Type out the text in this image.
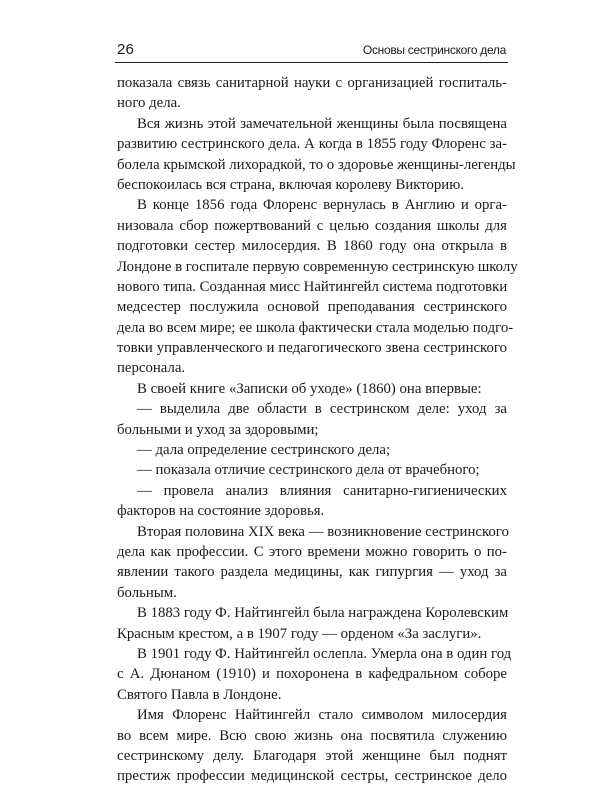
26	Основы сестринского дела
показала связь санитарной науки с организацией госпиталь-
ного дела.
Вся жизнь этой замечательной женщины была посвящена
развитию сестринского дела. А когда в 1855 году Флоренс за-
болела крымской лихорадкой, то о здоровье женщины-легенды
беспокоилась вся страна, включая королеву Викторию.
В конце 1856 года Флоренс вернулась в Англию и орга-
низовала сбор пожертвований с целью создания школы для
подготовки сестер милосердия. В 1860 году она открыла в
Лондоне в госпитале первую современную сестринскую школу
нового типа. Созданная мисс Найтингейл система подготовки
медсестер послужила основой преподавания сестринского
дела во всем мире; ее школа фактически стала моделью подго-
товки управленческого и педагогического звена сестринского
персонала.
В своей книге «Записки об уходе» (1860) она впервые:
— выделила две области в сестринском деле: уход за
больными и уход за здоровыми;
— дала определение сестринского дела;
— показала отличие сестринского дела от врачебного;
— провела анализ влияния санитарно-гигиенических
факторов на состояние здоровья.
Вторая половина XIX века — возникновение сестринского
дела как профессии. С этого времени можно говорить о по-
явлении такого раздела медицины, как гипургия — уход за
больным.
В 1883 году Ф. Найтингейл была награждена Королевским
Красным крестом, а в 1907 году — орденом «За заслуги».
В 1901 году Ф. Найтингейл ослепла. Умерла она в один год
с А. Дюнаном (1910) и похоронена в кафедральном соборе
Святого Павла в Лондоне.
Имя Флоренс Найтингейл стало символом милосердия
во всем мире. Всю свою жизнь она посвятила служению
сестринскому делу. Благодаря этой женщине был поднят
престиж профессии медицинской сестры, сестринское дело
